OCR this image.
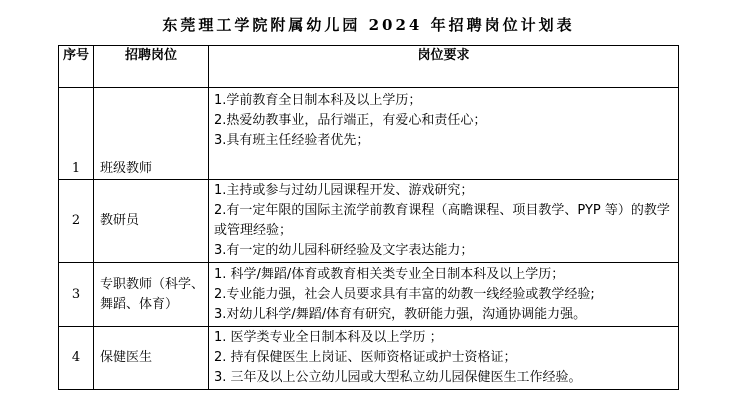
东莞理工学院附属幼儿园 2024 年招聘岗位计划表
序号	招聘岗位	岗位要求
1	班级教师	1.学前教育全日制本科及以上学历；
2.热爱幼教事业，品行端正，有爱心和责任心；
3.具有班主任经验者优先；

2	教研员	1.主持或参与过幼儿园课程开发、游戏研究；
2.有一定年限的国际主流学前教育课程（高瞻课程、项目教学、PYP 等）的教学或管理经验；
3.有一定的幼儿园科研经验及文字表达能力；

3	专职教师（科学、舞蹈、体育）	1. 科学/舞蹈/体育或教育相关类专业全日制本科及以上学历；
2.专业能力强，社会人员要求具有丰富的幼教一线经验或教学经验;
3.对幼儿科学/舞蹈/体育有研究，教研能力强，沟通协调能力强。

4	保健医生	1. 医学类专业全日制本科及以上学历 ；
2. 持有保健医生上岗证、医师资格证或护士资格证；
3. 三年及以上公立幼儿园或大型私立幼儿园保健医生工作经验。
